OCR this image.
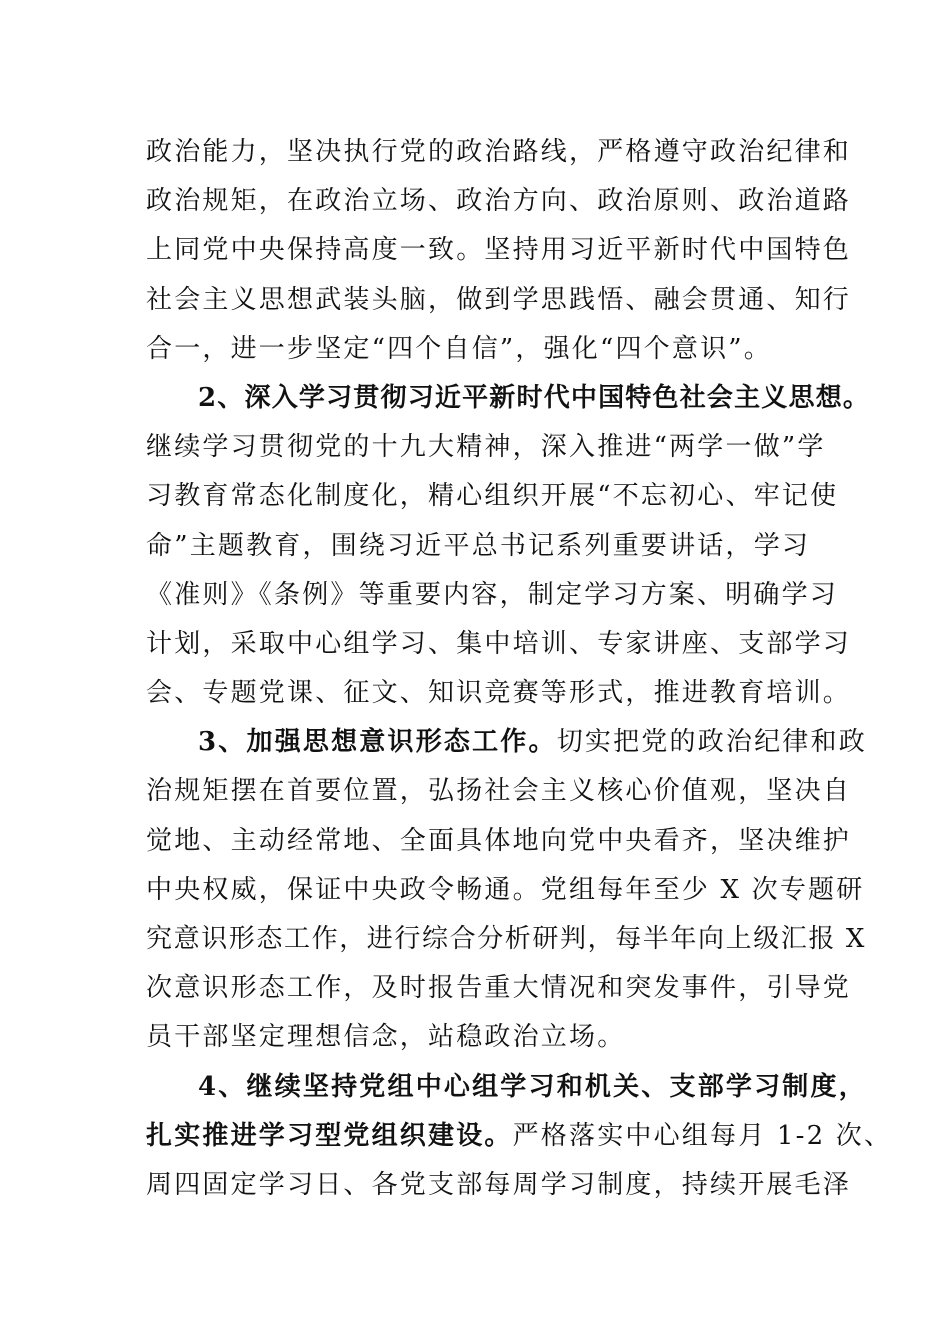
政治能力，坚决执行党的政治路线，严格遵守政治纪律和
政治规矩，在政治立场、政治方向、政治原则、政治道路
上同党中央保持高度一致。坚持用习近平新时代中国特色
社会主义思想武装头脑，做到学思践悟、融会贯通、知行
合一，进一步坚定“四个自信”，强化“四个意识”。
2、深入学习贯彻习近平新时代中国特色社会主义思想。
继续学习贯彻党的十九大精神，深入推进“两学一做”学
习教育常态化制度化，精心组织开展“不忘初心、牢记使
命”主题教育，围绕习近平总书记系列重要讲话，学习
《准则》《条例》等重要内容，制定学习方案、明确学习
计划，采取中心组学习、集中培训、专家讲座、支部学习
会、专题党课、征文、知识竞赛等形式，推进教育培训。
3、加强思想意识形态工作。切实把党的政治纪律和政
治规矩摆在首要位置，弘扬社会主义核心价值观，坚决自
觉地、主动经常地、全面具体地向党中央看齐，坚决维护
中央权威，保证中央政令畅通。党组每年至少 X 次专题研
究意识形态工作，进行综合分析研判，每半年向上级汇报 X
次意识形态工作，及时报告重大情况和突发事件，引导党
员干部坚定理想信念，站稳政治立场。
4、继续坚持党组中心组学习和机关、支部学习制度，
扎实推进学习型党组织建设。严格落实中心组每月 1-2 次、
周四固定学习日、各党支部每周学习制度，持续开展毛泽
